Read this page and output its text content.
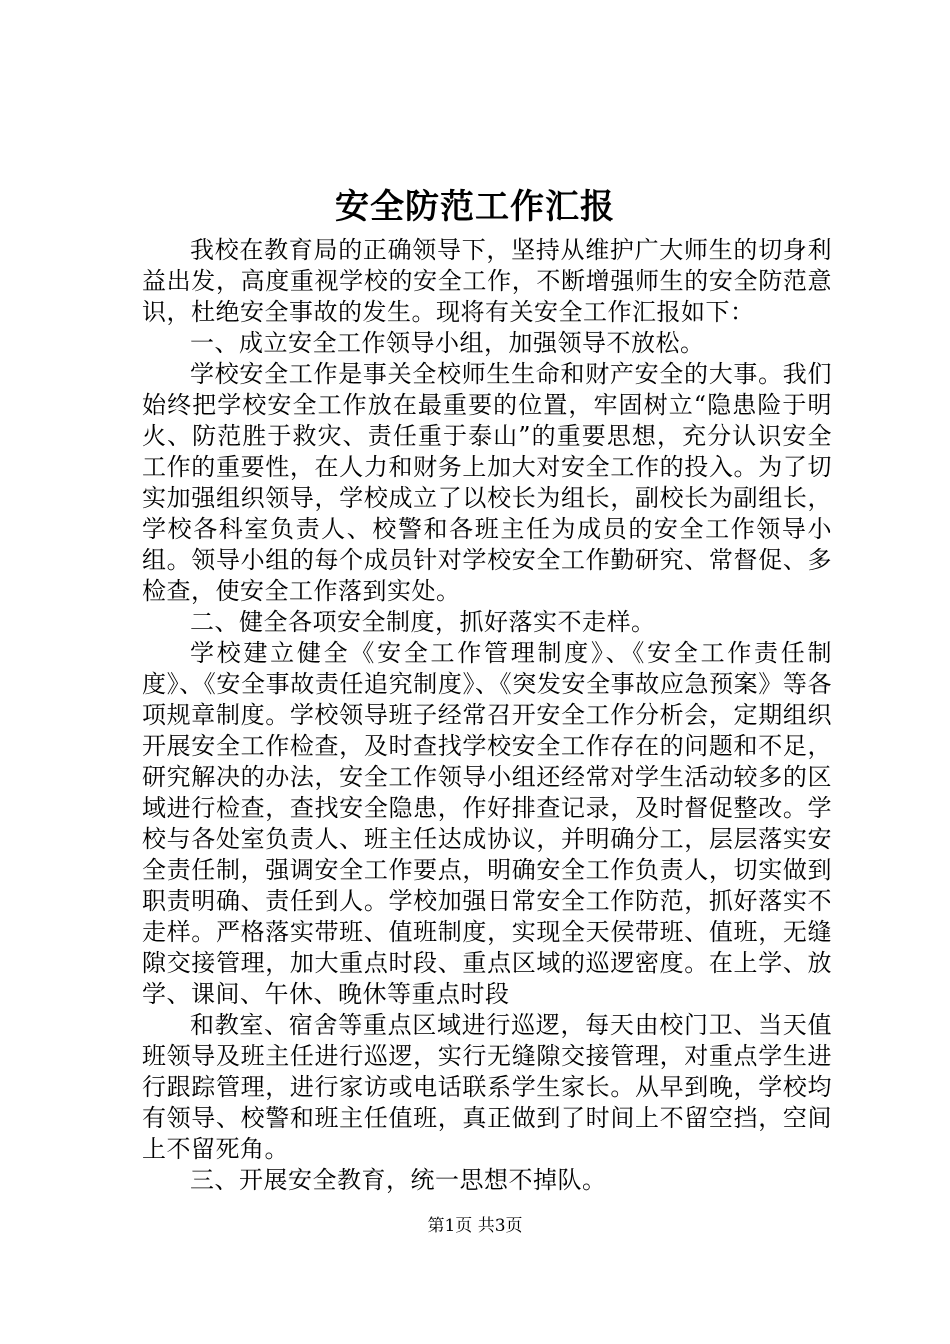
安全防范工作汇报

我校在教育局的正确领导下，坚持从维护广大师生的切身利益出发，高度重视学校的安全工作，不断增强师生的安全防范意识，杜绝安全事故的发生。现将有关安全工作汇报如下：

一、成立安全工作领导小组，加强领导不放松。

学校安全工作是事关全校师生生命和财产安全的大事。我们始终把学校安全工作放在最重要的位置，牢固树立“隐患险于明火、防范胜于救灾、责任重于泰山”的重要思想，充分认识安全工作的重要性，在人力和财务上加大对安全工作的投入。为了切实加强组织领导，学校成立了以校长为组长，副校长为副组长，学校各科室负责人、校警和各班主任为成员的安全工作领导小组。领导小组的每个成员针对学校安全工作勤研究、常督促、多检查，使安全工作落到实处。

二、健全各项安全制度，抓好落实不走样。

学校建立健全《安全工作管理制度》、《安全工作责任制度》、《安全事故责任追究制度》、《突发安全事故应急预案》等各项规章制度。学校领导班子经常召开安全工作分析会，定期组织开展安全工作检查，及时查找学校安全工作存在的问题和不足，研究解决的办法，安全工作领导小组还经常对学生活动较多的区域进行检查，查找安全隐患，作好排查记录，及时督促整改。学校与各处室负责人、班主任达成协议，并明确分工，层层落实安全责任制，强调安全工作要点，明确安全工作负责人，切实做到职责明确、责任到人。学校加强日常安全工作防范，抓好落实不走样。严格落实带班、值班制度，实现全天侯带班、值班，无缝隙交接管理，加大重点时段、重点区域的巡逻密度。在上学、放学、课间、午休、晚休等重点时段

和教室、宿舍等重点区域进行巡逻，每天由校门卫、当天值班领导及班主任进行巡逻，实行无缝隙交接管理，对重点学生进行跟踪管理，进行家访或电话联系学生家长。从早到晚，学校均有领导、校警和班主任值班，真正做到了时间上不留空挡，空间上不留死角。

三、开展安全教育，统一思想不掉队。

第1页 共3页
